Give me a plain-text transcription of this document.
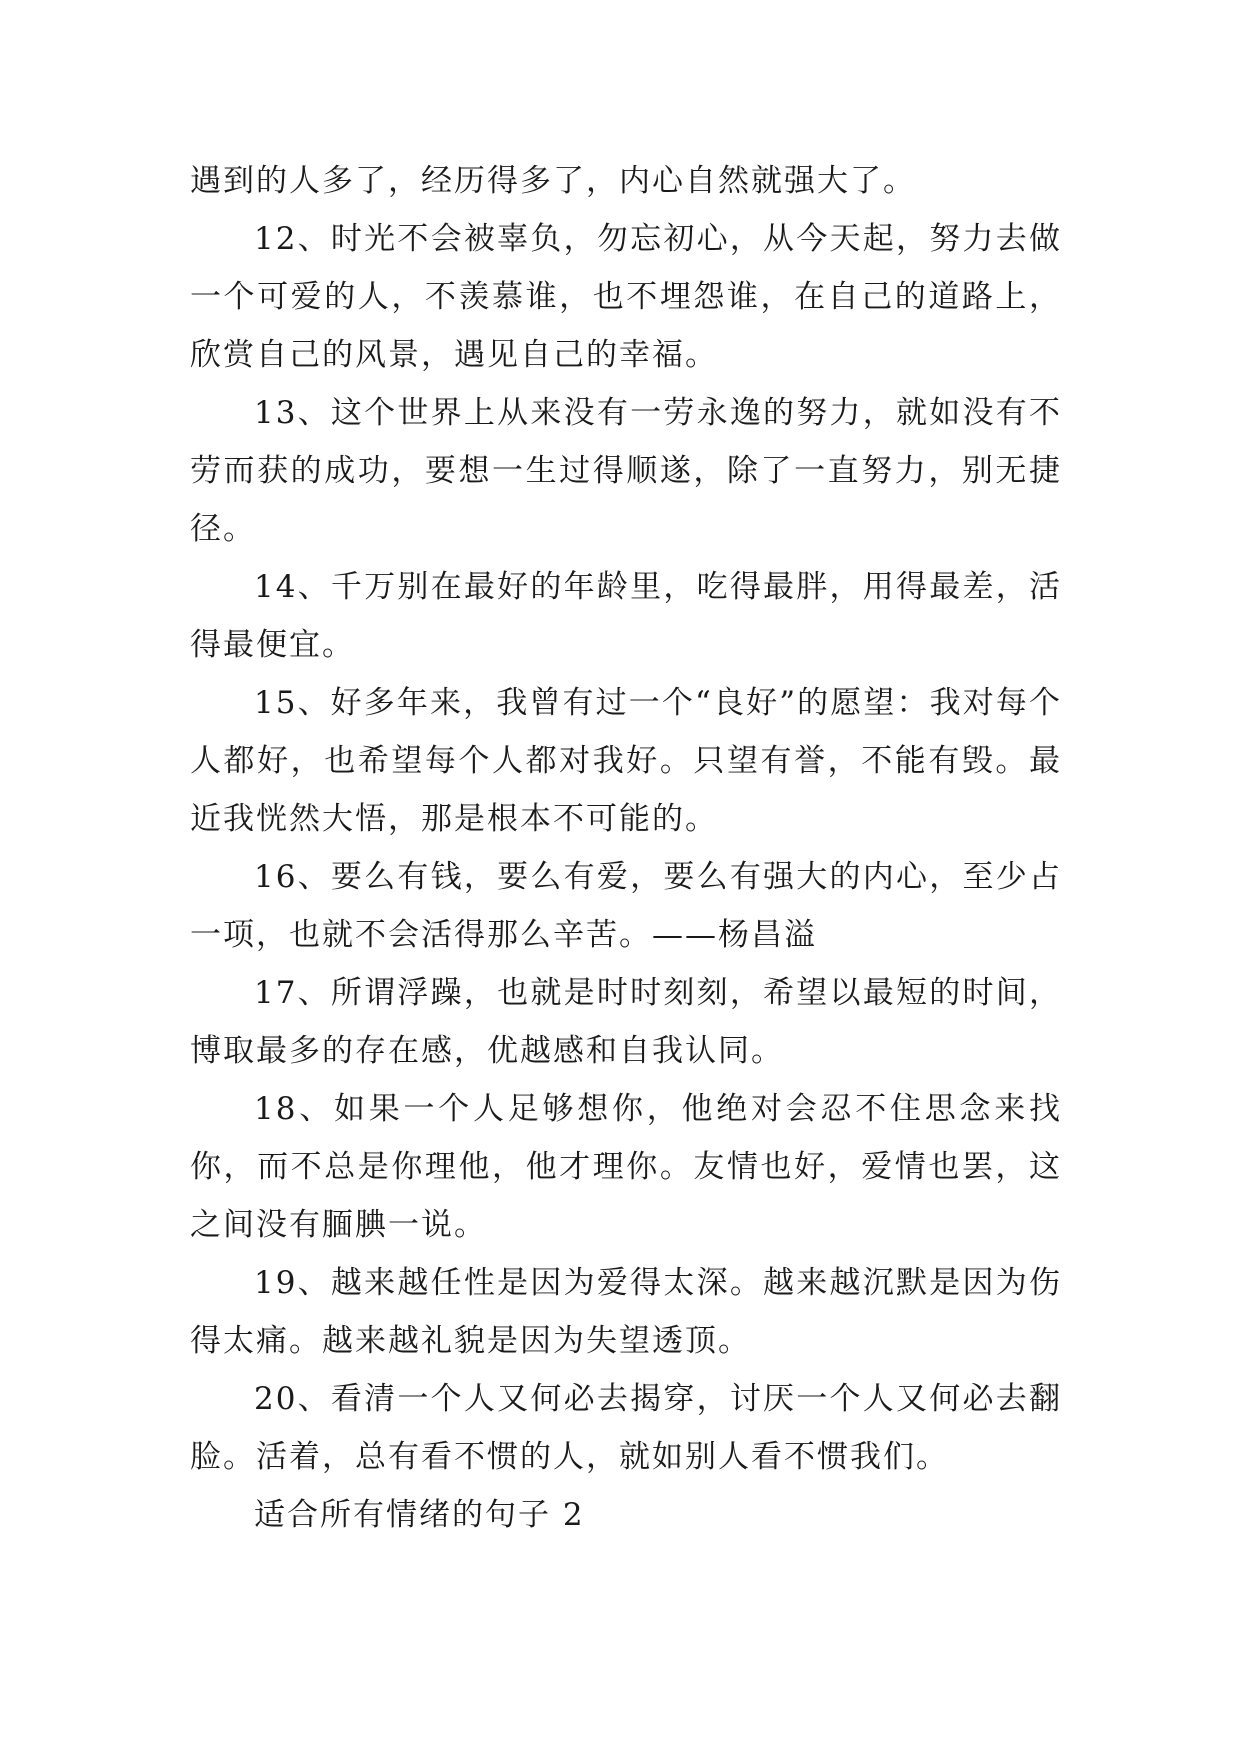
遇到的人多了，经历得多了，内心自然就强大了。

12、时光不会被辜负，勿忘初心，从今天起，努力去做一个可爱的人，不羡慕谁，也不埋怨谁，在自己的道路上，欣赏自己的风景，遇见自己的幸福。

13、这个世界上从来没有一劳永逸的努力，就如没有不劳而获的成功，要想一生过得顺遂，除了一直努力，别无捷径。

14、千万别在最好的年龄里，吃得最胖，用得最差，活得最便宜。

15、好多年来，我曾有过一个“良好”的愿望：我对每个人都好，也希望每个人都对我好。只望有誉，不能有毁。最近我恍然大悟，那是根本不可能的。

16、要么有钱，要么有爱，要么有强大的内心，至少占一项，也就不会活得那么辛苦。——杨昌溢

17、所谓浮躁，也就是时时刻刻，希望以最短的时间，博取最多的存在感，优越感和自我认同。

18、如果一个人足够想你，他绝对会忍不住思念来找你，而不总是你理他，他才理你。友情也好，爱情也罢，这之间没有腼腆一说。

19、越来越任性是因为爱得太深。越来越沉默是因为伤得太痛。越来越礼貌是因为失望透顶。

20、看清一个人又何必去揭穿，讨厌一个人又何必去翻脸。活着，总有看不惯的人，就如别人看不惯我们。

适合所有情绪的句子 2
